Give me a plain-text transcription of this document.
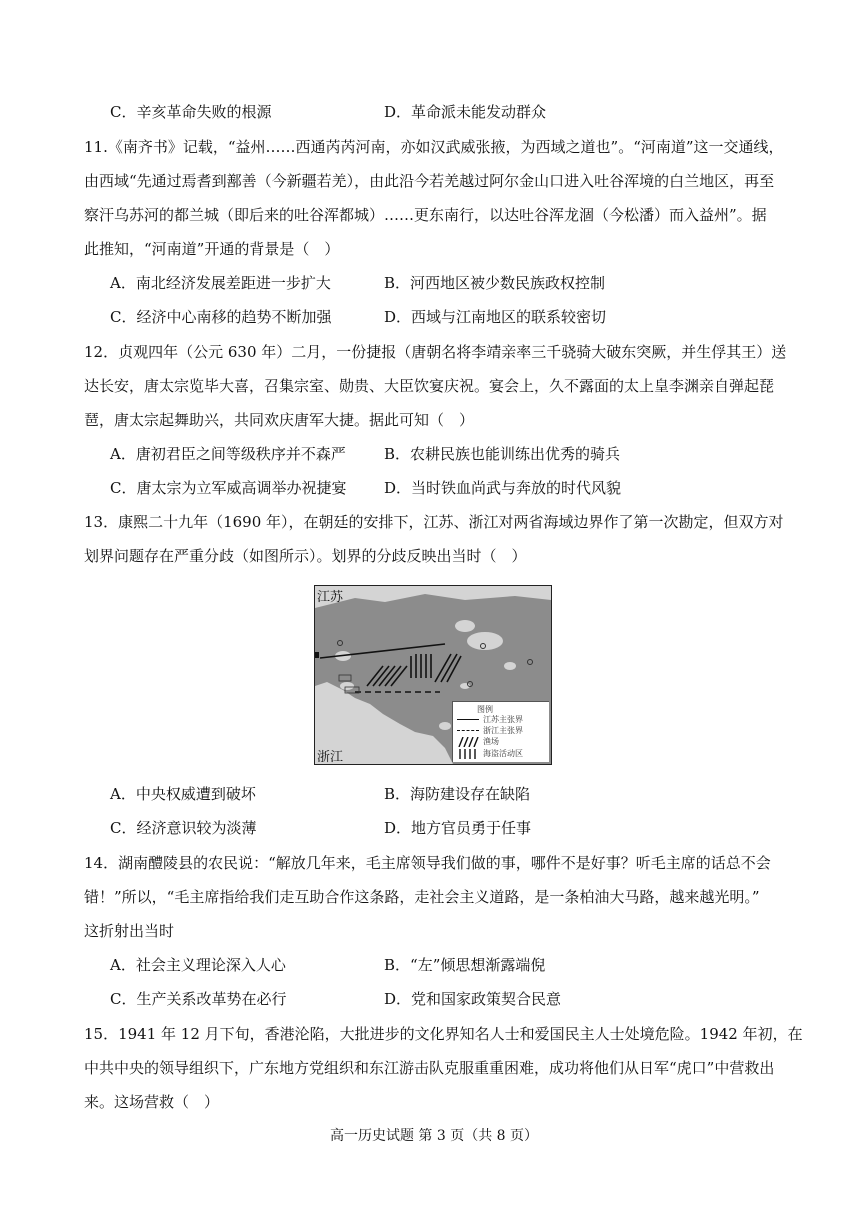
C．辛亥革命失败的根源	D．革命派未能发动群众
11.《南齐书》记载，“益州……西通芮芮河南，亦如汉武威张掖，为西域之道也”。“河南道”这一交通线，
由西域“先通过焉耆到鄯善（今新疆若羌），由此沿今若羌越过阿尔金山口进入吐谷浑境的白兰地区，再至
察汗乌苏河的都兰城（即后来的吐谷浑都城）……更东南行，以达吐谷浑龙涸（今松潘）而入益州”。据
此推知，“河南道”开通的背景是（　）
A．南北经济发展差距进一步扩大	B．河西地区被少数民族政权控制
C．经济中心南移的趋势不断加强	D．西域与江南地区的联系较密切
12．贞观四年（公元 630 年）二月，一份捷报（唐朝名将李靖亲率三千骁骑大破东突厥，并生俘其王）送
达长安，唐太宗览毕大喜，召集宗室、勋贵、大臣饮宴庆祝。宴会上，久不露面的太上皇李渊亲自弹起琵
琶，唐太宗起舞助兴，共同欢庆唐军大捷。据此可知（　）
A．唐初君臣之间等级秩序并不森严	B．农耕民族也能训练出优秀的骑兵
C．唐太宗为立军威高调举办祝捷宴	D．当时铁血尚武与奔放的时代风貌
13．康熙二十九年（1690 年），在朝廷的安排下，江苏、浙江对两省海域边界作了第一次勘定，但双方对
划界问题存在严重分歧（如图所示）。划界的分歧反映出当时（　）
江苏
浙江
图例
江苏主张界
浙江主张界
渔场
海盗活动区
A．中央权威遭到破坏	B．海防建设存在缺陷
C．经济意识较为淡薄	D．地方官员勇于任事
14．湖南醴陵县的农民说：“解放几年来，毛主席领导我们做的事，哪件不是好事？听毛主席的话总不会
错！”所以，“毛主席指给我们走互助合作这条路，走社会主义道路，是一条柏油大马路，越来越光明。”
这折射出当时
A．社会主义理论深入人心	B．“左”倾思想渐露端倪
C．生产关系改革势在必行	D．党和国家政策契合民意
15．1941 年 12 月下旬，香港沦陷，大批进步的文化界知名人士和爱国民主人士处境危险。1942 年初，在
中共中央的领导组织下，广东地方党组织和东江游击队克服重重困难，成功将他们从日军“虎口”中营救出
来。这场营救（　）
高一历史试题 第 3 页（共 8 页）
